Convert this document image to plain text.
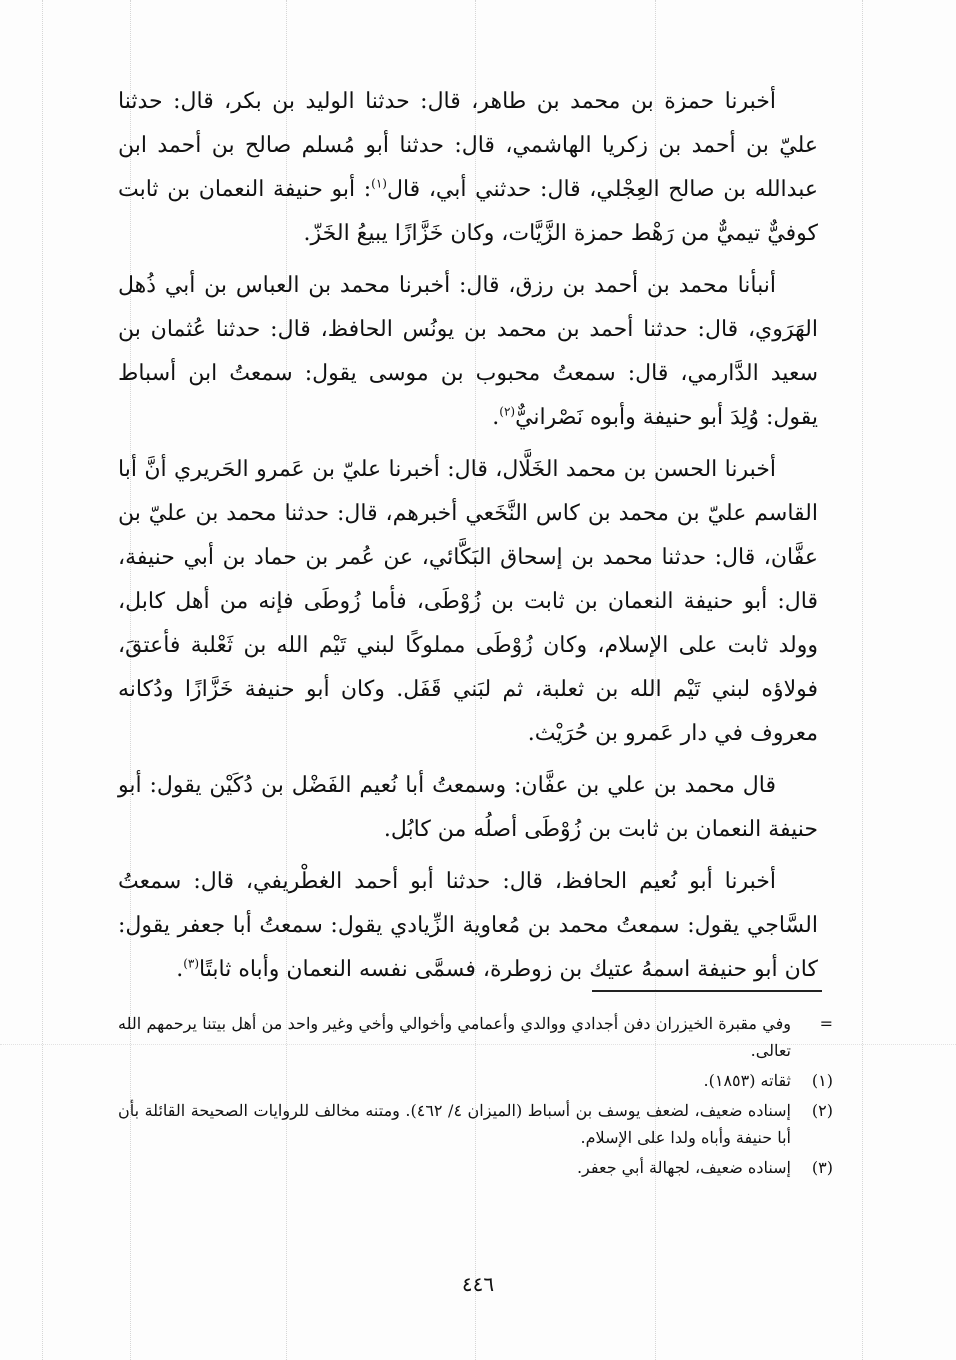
أخبرنا حمزة بن محمد بن طاهر، قال: حدثنا الوليد بن بكر، قال: حدثنا عليّ بن أحمد بن زكريا الهاشمي، قال: حدثنا أبو مُسلم صالح بن أحمد ابن عبدالله بن صالح العِجْلي، قال: حدثني أبي، قال$^{(١)}$: أبو حنيفة النعمان بن ثابت كوفيٌّ تيميٌّ من رَهْط حمزة الزَّيَّات، وكان خَزَّازًا يبيعُ الخَزّ.

أنبأنا محمد بن أحمد بن رزق، قال: أخبرنا محمد بن العباس بن أبي ذُهل الهَرَوي، قال: حدثنا أحمد بن محمد بن يونُس الحافظ، قال: حدثنا عُثمان بن سعيد الدَّارمي، قال: سمعتُ محبوب بن موسى يقول: سمعتُ ابن أسباط يقول: وُلِدَ أبو حنيفة وأبوه نَصْرانيٌّ$^{(٢)}$.

أخبرنا الحسن بن محمد الخَلَّال، قال: أخبرنا عليّ بن عَمرو الحَريري أنَّ أبا القاسم عليّ بن محمد بن كاس النَّخَعي أخبرهم، قال: حدثنا محمد بن عليّ بن عفَّان، قال: حدثنا محمد بن إسحاق البَكَّائي، عن عُمر بن حماد بن أبي حنيفة، قال: أبو حنيفة النعمان بن ثابت بن زُوْطَى، فأما زُوطَى فإنه من أهل كابل، وولد ثابت على الإسلام، وكان زُوْطَى مملوكًا لبني تَيْم الله بن ثَعْلبة فأعتقَ، فولاؤه لبني تَيْم الله بن ثعلبة، ثم لبَني قَفَل. وكان أبو حنيفة خَزَّازًا ودُكانه معروف في دار عَمرو بن حُرَيْث.

قال محمد بن علي بن عفَّان: وسمعتُ أبا نُعيم الفَضْل بن دُكَيْن يقول: أبو حنيفة النعمان بن ثابت بن زُوْطَى أصلُه من كابُل.

أخبرنا أبو نُعيم الحافظ، قال: حدثنا أبو أحمد الغطْريفي، قال: سمعتُ السَّاجي يقول: سمعتُ محمد بن مُعاوية الزِّيادي يقول: سمعتُ أبا جعفر يقول: كان أبو حنيفة اسمهُ عتيك بن زوطرة، فسمَّى نفسه النعمان وأباه ثابتًا$^{(٣)}$.

=
وفي مقبرة الخيزران دفن أجدادي ووالدي وأعمامي وأخوالي وأخي وغير واحد من أهل بيتنا يرحمهم الله تعالى.
(١)
ثقاته (١٨٥٣).
(٢)
إسناده ضعيف، لضعف يوسف بن أسباط (الميزان ٤/ ٤٦٢). ومتنه مخالف للروايات الصحيحة القائلة بأن أبا حنيفة وأباه ولدا على الإسلام.
(٣)
إسناده ضعيف، لجهالة أبي جعفر.
٤٤٦
